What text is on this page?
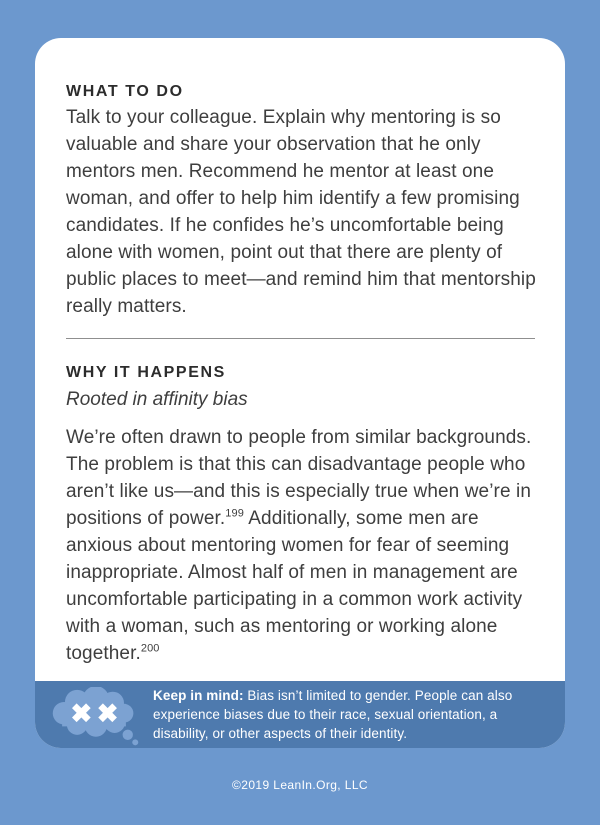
WHAT TO DO

Talk to your colleague. Explain why mentoring is so valuable and share your observation that he only mentors men. Recommend he mentor at least one woman, and offer to help him identify a few promising candidates. If he confides he’s uncomfortable being alone with women, point out that there are plenty of public places to meet—and remind him that mentorship really matters.

WHY IT HAPPENS

Rooted in affinity bias

We’re often drawn to people from similar backgrounds. The problem is that this can disadvantage people who aren’t like us—and this is especially true when we’re in positions of power.$^{199}$ Additionally, some men are anxious about mentoring women for fear of seeming inappropriate. Almost half of men in management are uncomfortable participating in a common work activity with a woman, such as mentoring or working alone together.$^{200}$

Keep in mind: Bias isn’t limited to gender. People can also experience biases due to their race, sexual orientation, a disability, or other aspects of their identity.

©2019 LeanIn.Org, LLC
